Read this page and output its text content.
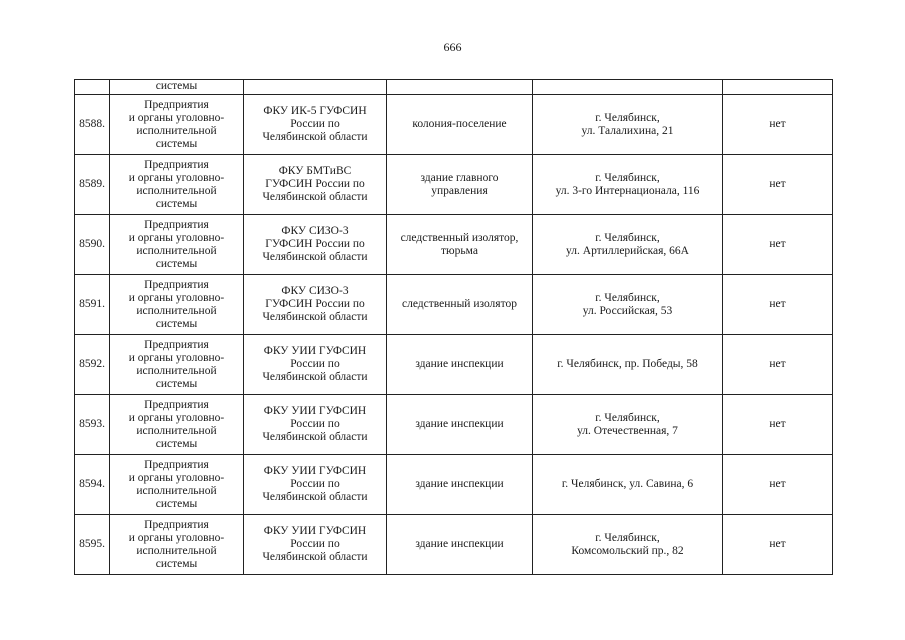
666
	системы				
8588.	Предприятия
и органы уголовно-
исполнительной
системы	ФКУ ИК-5 ГУФСИН
России по
Челябинской области	колония-поселение	г. Челябинск,
ул. Талалихина, 21	нет
8589.	Предприятия
и органы уголовно-
исполнительной
системы	ФКУ БМТиВС
ГУФСИН России по
Челябинской области	здание главного
управления	г. Челябинск,
ул. 3-го Интернационала, 116	нет
8590.	Предприятия
и органы уголовно-
исполнительной
системы	ФКУ СИЗО-3
ГУФСИН России по
Челябинской области	следственный изолятор,
тюрьма	г. Челябинск,
ул. Артиллерийская, 66А	нет
8591.	Предприятия
и органы уголовно-
исполнительной
системы	ФКУ СИЗО-3
ГУФСИН России по
Челябинской области	следственный изолятор	г. Челябинск,
ул. Российская, 53	нет
8592.	Предприятия
и органы уголовно-
исполнительной
системы	ФКУ УИИ ГУФСИН
России по
Челябинской области	здание инспекции	г. Челябинск, пр. Победы, 58	нет
8593.	Предприятия
и органы уголовно-
исполнительной
системы	ФКУ УИИ ГУФСИН
России по
Челябинской области	здание инспекции	г. Челябинск,
ул. Отечественная, 7	нет
8594.	Предприятия
и органы уголовно-
исполнительной
системы	ФКУ УИИ ГУФСИН
России по
Челябинской области	здание инспекции	г. Челябинск, ул. Савина, 6	нет
8595.	Предприятия
и органы уголовно-
исполнительной
системы	ФКУ УИИ ГУФСИН
России по
Челябинской области	здание инспекции	г. Челябинск,
Комсомольский пр., 82	нет
